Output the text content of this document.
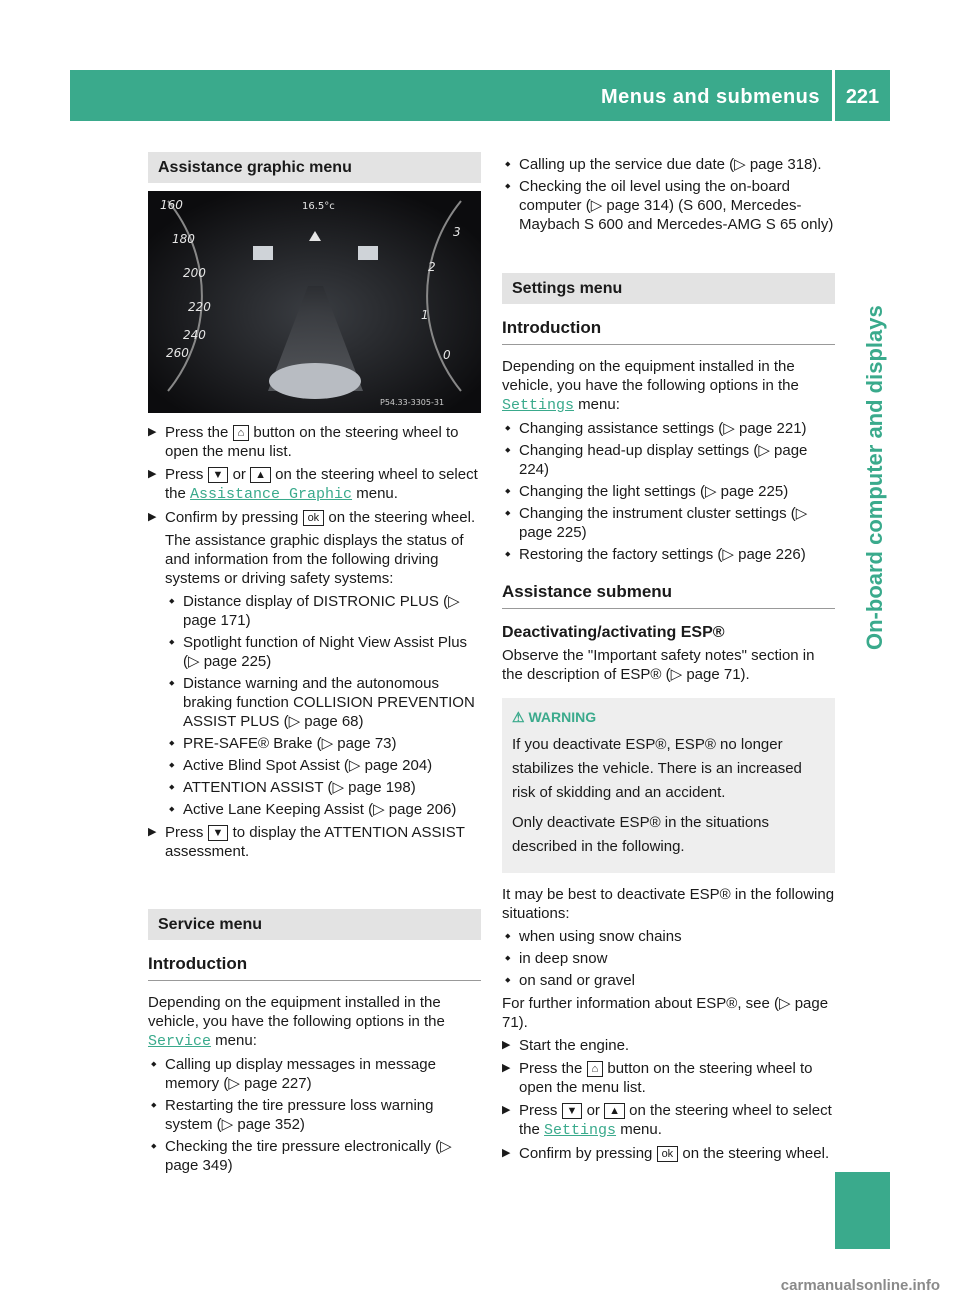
Menus and submenus	221
On-board computer and displays
Assistance graphic menu
160
180
200
220
240
260
3
2
1
0
16.5°c
P54.33-3305-31
▶ Press the ⌂ button on the steering wheel to open the menu list.
▶ Press ▼ or ▲ on the steering wheel to select the Assistance Graphic menu.
▶ Confirm by pressing ok on the steering wheel.
The assistance graphic displays the status of and information from the following driving systems or driving safety systems:
■ Distance display of DISTRONIC PLUS (▷ page 171)
■ Spotlight function of Night View Assist Plus (▷ page 225)
■ Distance warning and the autonomous braking function COLLISION PREVENTION ASSIST PLUS (▷ page 68)
■ PRE-SAFE® Brake (▷ page 73)
■ Active Blind Spot Assist (▷ page 204)
■ ATTENTION ASSIST (▷ page 198)
■ Active Lane Keeping Assist (▷ page 206)
▶ Press ▼ to display the ATTENTION ASSIST assessment.
Service menu
Introduction
Depending on the equipment installed in the vehicle, you have the following options in the Service menu:
■ Calling up display messages in message memory (▷ page 227)
■ Restarting the tire pressure loss warning system (▷ page 352)
■ Checking the tire pressure electronically (▷ page 349)
■ Calling up the service due date (▷ page 318).
■ Checking the oil level using the on-board computer (▷ page 314) (S 600, Mercedes-Maybach S 600 and Mercedes-AMG S 65 only)
Settings menu
Introduction
Depending on the equipment installed in the vehicle, you have the following options in the Settings menu:
■ Changing assistance settings (▷ page 221)
■ Changing head-up display settings (▷ page 224)
■ Changing the light settings (▷ page 225)
■ Changing the instrument cluster settings (▷ page 225)
■ Restoring the factory settings (▷ page 226)
Assistance submenu
Deactivating/activating ESP®
Observe the "Important safety notes" section in the description of ESP® (▷ page 71).
⚠ WARNING

If you deactivate ESP®, ESP® no longer stabilizes the vehicle. There is an increased risk of skidding and an accident.

Only deactivate ESP® in the situations described in the following.

It may be best to deactivate ESP® in the following situations:
■ when using snow chains
■ in deep snow
■ on sand or gravel
For further information about ESP®, see (▷ page 71).
▶ Start the engine.
▶ Press the ⌂ button on the steering wheel to open the menu list.
▶ Press ▼ or ▲ on the steering wheel to select the Settings menu.
▶ Confirm by pressing ok on the steering wheel.
carmanualsonline.info
